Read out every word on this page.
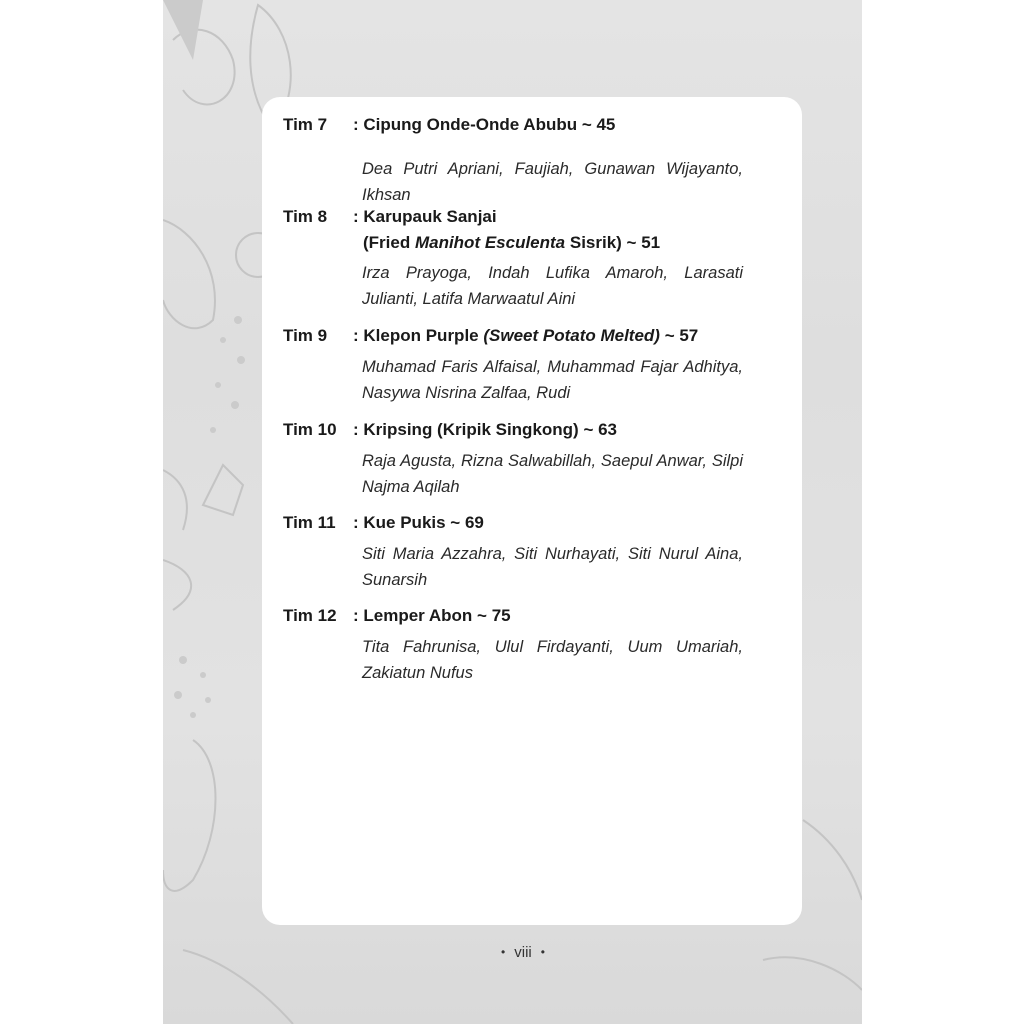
Tim 7 : Cipung Onde-Onde Abubu ~ 45
Dea Putri Apriani, Faujiah, Gunawan Wijayanto, Ikhsan
Tim 8 : Karupauk Sanjai
(Fried Manihot Esculenta Sisrik) ~ 51
Irza Prayoga, Indah Lufika Amaroh, Larasati Julianti, Latifa Marwaatul Aini
Tim 9 : Klepon Purple (Sweet Potato Melted) ~ 57
Muhamad Faris Alfaisal, Muhammad Fajar Adhitya, Nasywa Nisrina Zalfaa, Rudi
Tim 10 : Kripsing (Kripik Singkong) ~ 63
Raja Agusta, Rizna Salwabillah, Saepul Anwar, Silpi Najma Aqilah
Tim 11 : Kue Pukis ~ 69
Siti Maria Azzahra, Siti Nurhayati, Siti Nurul Aina, Sunarsih
Tim 12 : Lemper Abon ~ 75
Tita Fahrunisa, Ulul Firdayanti, Uum Umariah, Zakiatun Nufus
• viii •
